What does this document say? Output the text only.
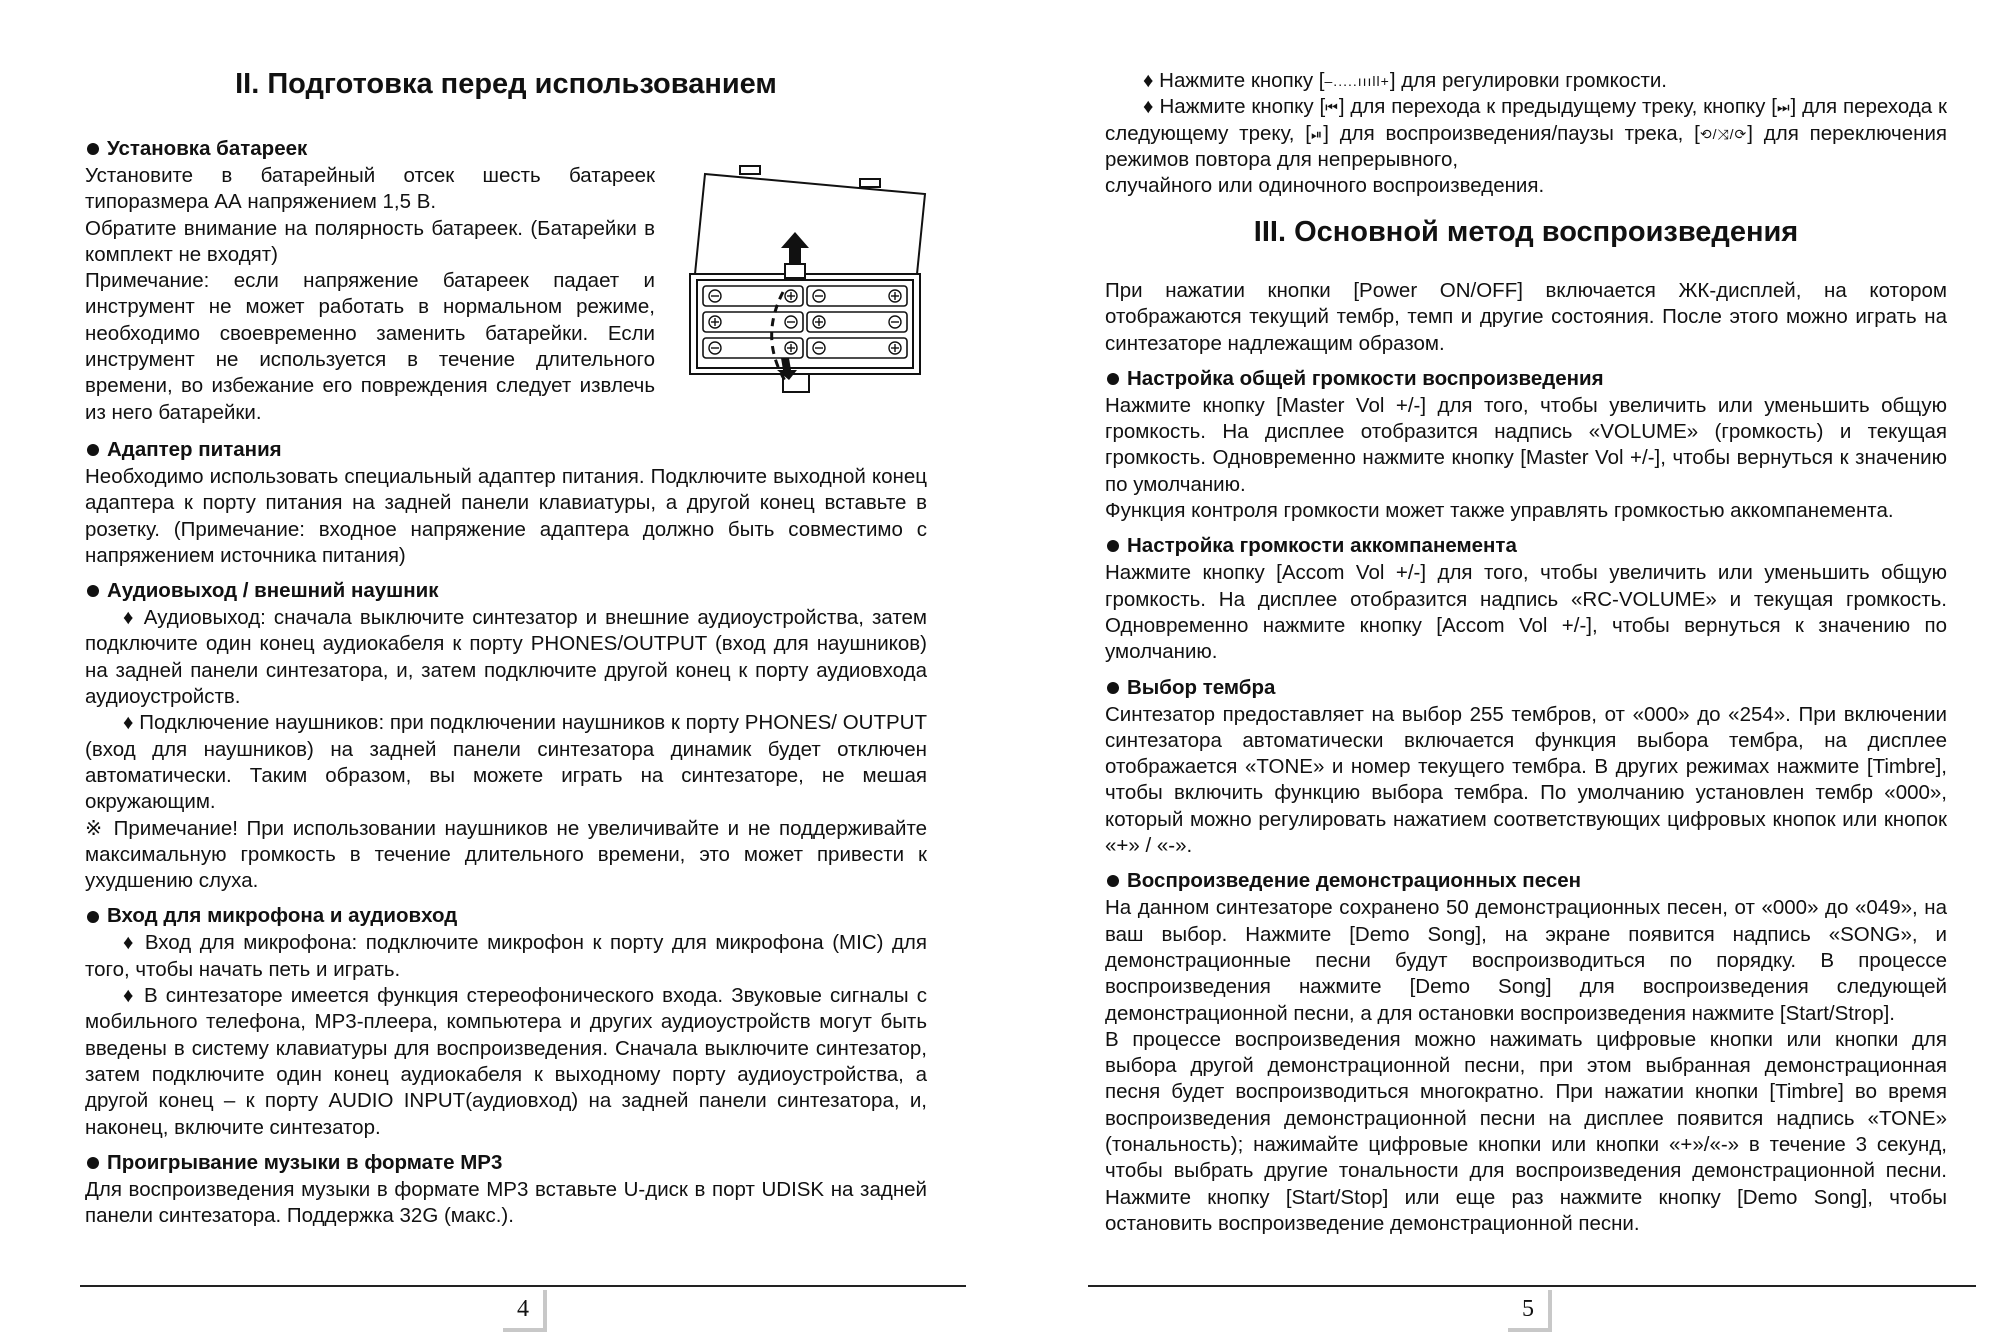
II. Подготовка перед использованием
Установка батареек

Установите в батарейный отсек шесть батареек типоразмера АА напряжением 1,5 В.

Обратите внимание на полярность батареек. (Батарейки в комплект не входят)

Примечание: если напряжение батареек падает и инструмент не может работать в нормальном режиме, необходимо своевременно заменить батарейки. Если инструмент не используется в течение длительного времени, во избежание его повреждения следует извлечь из него батарейки.

Адаптер питания

Необходимо использовать специальный адаптер питания. Подключите выходной конец адаптера к порту питания на задней панели клавиатуры, а другой конец вставьте в розетку. (Примечание: входное напряжение адаптера должно быть совместимо с напряжением источника питания)

Аудиовыход / внешний наушник

♦ Аудиовыход: сначала выключите синтезатор и внешние аудиоустройства, затем подключите один конец аудиокабеля к порту PHONES/OUTPUT (вход для наушников) на задней панели синтезатора, и, затем подключите другой конец к порту аудиовхода аудиоустройств.

♦ Подключение наушников: при подключении наушников к порту PHONES/ OUTPUT (вход для наушников) на задней панели синтезатора динамик будет отключен автоматически. Таким образом, вы можете играть на синтезаторе, не мешая окружающим.

※ Примечание! При использовании наушников не увеличивайте и не поддерживайте максимальную громкость в течение длительного времени, это может привести к ухудшению слуха.

Вход для микрофона и аудиовход

♦ Вход для микрофона: подключите микрофон к порту для микрофона (MIC) для того, чтобы начать петь и играть.

♦ В синтезаторе имеется функция стереофонического входа. Звуковые сигналы с мобильного телефона, MP3-плеера, компьютера и других аудиоустройств могут быть введены в систему клавиатуры для воспроизведения. Сначала выключите синтезатор, затем подключите один конец аудиокабеля к выходному порту аудиоустройства, а другой конец – к порту AUDIO INPUT(аудиовход) на задней панели синтезатора, и, наконец, включите синтезатор.

Проигрывание музыки в формате MP3

Для воспроизведения музыки в формате MP3 вставьте U-диск в порт UDISK на задней панели синтезатора. Поддержка 32G (макс.).

4

♦ Нажмите кнопку [–.....ıııll+] для регулировки громкости.

♦ Нажмите кнопку [⏮] для перехода к предыдущему треку, кнопку [⏭] для перехода к следующему треку, [⏯] для воспроизведения/паузы трека, [⟲/⤨/⟳] для переключения режимов повтора для непрерывного,

случайного или одиночного воспроизведения.

III. Основной метод воспроизведения

При нажатии кнопки [Power ON/OFF] включается ЖК-дисплей, на котором отображаются текущий тембр, темп и другие состояния. После этого можно играть на синтезаторе надлежащим образом.

Настройка общей громкости воспроизведения

Нажмите кнопку [Master Vol +/-] для того, чтобы увеличить или уменьшить общую громкость. На дисплее отобразится надпись «VOLUME» (громкость) и текущая громкость. Одновременно нажмите кнопку [Master Vol +/-], чтобы вернуться к значению по умолчанию.

Функция контроля громкости может также управлять громкостью аккомпанемента.

Настройка громкости аккомпанемента

Нажмите кнопку [Accom Vol +/-] для того, чтобы увеличить или уменьшить общую громкость. На дисплее отобразится надпись «RC-VOLUME» и текущая громкость. Одновременно нажмите кнопку [Accom Vol +/-], чтобы вернуться к значению по умолчанию.

Выбор тембра

Синтезатор предоставляет на выбор 255 тембров, от «000» до «254». При включении синтезатора автоматически включается функция выбора тембра, на дисплее отображается «TONE» и номер текущего тембра. В других режимах нажмите [Timbre], чтобы включить функцию выбора тембра. По умолчанию установлен тембр «000», который можно регулировать нажатием соответствующих цифровых кнопок или кнопок «+» / «-».

Воспроизведение демонстрационных песен

На данном синтезаторе сохранено 50 демонстрационных песен, от «000» до «049», на ваш выбор. Нажмите [Demo Song], на экране появится надпись «SONG», и демонстрационные песни будут воспроизводиться по порядку. В процессе воспроизведения нажмите [Demo Song] для воспроизведения следующей демонстрационной песни, а для остановки воспроизведения нажмите [Start/Strop].

В процессе воспроизведения можно нажимать цифровые кнопки или кнопки для выбора другой демонстрационной песни, при этом выбранная демонстрационная песня будет воспроизводиться многократно. При нажатии кнопки [Timbre] во время воспроизведения демонстрационной песни на дисплее появится надпись «TONE» (тональность); нажимайте цифровые кнопки или кнопки «+»/«-» в течение 3 секунд, чтобы выбрать другие тональности для воспроизведения демонстрационной песни. Нажмите кнопку [Start/Stop] или еще раз нажмите кнопку [Demo Song], чтобы остановить воспроизведение демонстрационной песни.

5
